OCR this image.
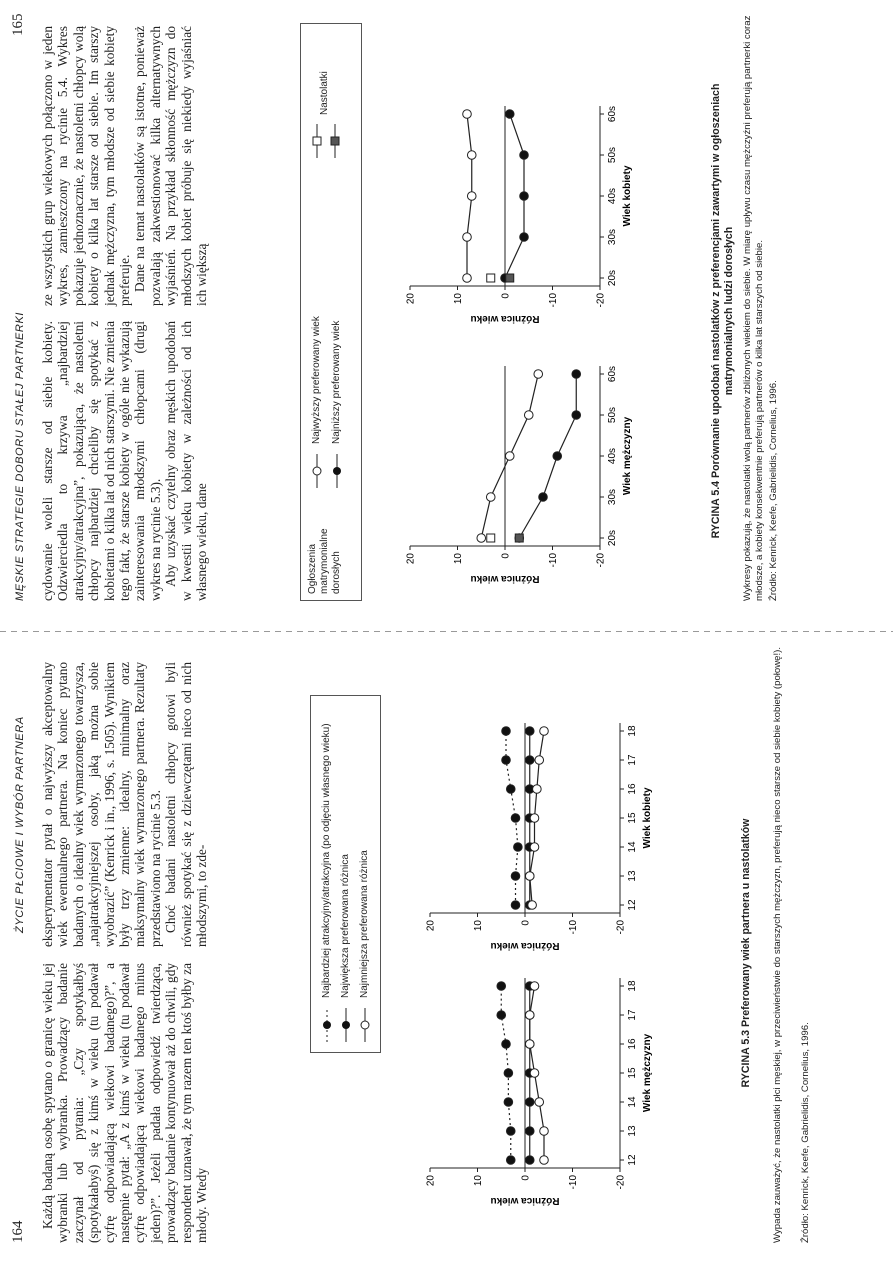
164
ŻYCIE PŁCIOWE I WYBÓR PARTNERA

Każdą badaną osobę spytano o granicę wieku jej wybranki lub wybranka. Prowadzący badanie zaczynał od pytania: „Czy spotykałbyś (spotykałabyś) się z kimś w wieku (tu podawał cyfrę odpowiadającą wiekowi badanego)?”, a następnie pytał: „A z kimś w wieku (tu podawał cyfrę odpowiadającą wiekowi badanego minus jeden)?”. Jeżeli padała odpowiedź twierdząca, prowadzący badanie kontynuował aż do chwili, gdy respondent uznawał, że tym razem ten ktoś byłby za młody. Wtedy

eksperymentator pytał o najwyższy akceptowalny wiek ewentualnego partnera. Na koniec pytano badanych o idealny wiek wymarzonego towarzysza, „najatrakcyjniejszej osoby, jaką można sobie wyobrazić” (Kenrick i in., 1996, s. 1505). Wynikiem były trzy zmienne: idealny, minimalny oraz maksymalny wiek wymarzonego partnera. Rezultaty przedstawiono na rycinie 5.3. Choć badani nastoletni chłopcy gotowi byli również spotykać się z dziewczętami nieco od nich młodszymi, to zde-	Najbardziej atrakcyjny/atrakcyjna (po odjęciu własnego wieku) Największa preferowana różnica Najmniejsza preferowana różnica
-20
-10
0
10
20
12
13
14
15
16
17
18
Różnica wieku
Wiek mężczyzny
-20
-10
0
10
20
12
13
14
15
16
17
18
Różnica wieku
Wiek kobiety
RYCINA 5.3 Preferowany wiek partnera u nastolatków Wypada zauważyć, że nastolatki płci męskiej, w przeciwieństwie do starszych mężczyzn, preferują nieco starsze od siebie kobiety (połowę!). Źródło: Kenrick, Keefe, Gabrielidis, Cornelius, 1996.
MĘSKIE STRATEGIE DOBORU STAŁEJ PARTNERKI
165

cydowanie woleli starsze od siebie kobiety. Odzwierciedla to krzywa „najbardziej atrakcyjny/atrakcyjna”, pokazująca, że nastoletni chłopcy najbardziej chcieliby się spotykać z kobietami o kilka lat od nich starszymi. Nie zmienia tego fakt, że starsze kobiety w ogóle nie wykazują zainteresowania młodszymi chłopcami (drugi wykres na rycinie 5.3). Aby uzyskać czytelny obraz męskich upodobań w kwestii wieku kobiety w zależności od ich własnego wieku, dane

ze wszystkich grup wiekowych połączono w jeden wykres, zamieszczony na rycinie 5.4. Wykres pokazuje jednoznacznie, że nastoletni chłopcy wolą kobiety o kilka lat starsze od siebie. Im starszy jednak mężczyzna, tym młodsze od siebie kobiety preferuje. Dane na temat nastolatków są istotne, ponieważ pozwalają zakwestionować kilka alternatywnych wyjaśnień. Na przykład skłonność mężczyzn do młodszych kobiet próbuje się niekiedy wyjaśniać ich większą

Ogłoszenia matrymonialne dorosłych
Najwyższy preferowany wiek Najniższy preferowany wiek
Nastolatki
-20
-10
0
10
20
20s
30s
40s
50s
60s
Różnica wieku
Wiek mężczyzny
-20
-10
0
10
20
20s
30s
40s
50s
60s
Różnica wieku
Wiek kobiety	RYCINA 5.4 Porównanie upodobań nastolatków z preferencjami zawartymi w ogłoszeniach matrymonialnych ludzi dorosłych Wykresy pokazują, że nastolatki wolą partnerów zbliżonych wiekiem do siebie. W miarę upływu czasu mężczyźni preferują partnerki coraz młodsze, a kobiety konsekwentnie preferują partnerów o kilka lat starszych od siebie. Źródło: Kenrick, Keefe, Gabrielidis, Cornelius, 1996.
